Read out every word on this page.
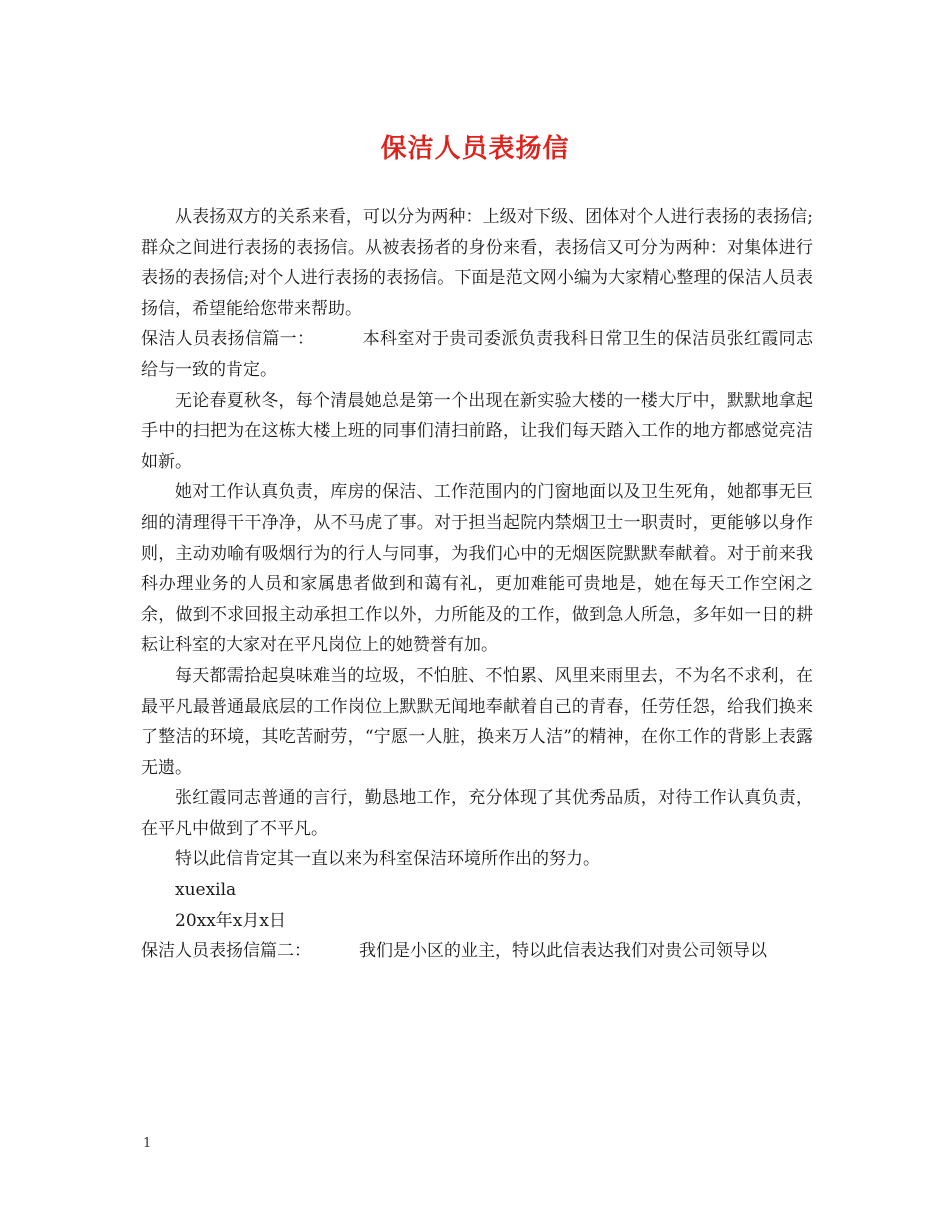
保洁人员表扬信

从表扬双方的关系来看，可以分为两种：上级对下级、团体对个人进行表扬的表扬信;群众之间进行表扬的表扬信。从被表扬者的身份来看，表扬信又可分为两种：对集体进行表扬的表扬信;对个人进行表扬的表扬信。下面是范文网小编为大家精心整理的保洁人员表扬信，希望能给您带来帮助。

保洁人员表扬信篇一：	本科室对于贵司委派负责我科日常卫生的保洁员张红霞同志给与一致的肯定。

无论春夏秋冬，每个清晨她总是第一个出现在新实验大楼的一楼大厅中，默默地拿起手中的扫把为在这栋大楼上班的同事们清扫前路，让我们每天踏入工作的地方都感觉亮洁如新。

她对工作认真负责，库房的保洁、工作范围内的门窗地面以及卫生死角，她都事无巨细的清理得干干净净，从不马虎了事。对于担当起院内禁烟卫士一职责时，更能够以身作则，主动劝喻有吸烟行为的行人与同事，为我们心中的无烟医院默默奉献着。对于前来我科办理业务的人员和家属患者做到和蔼有礼，更加难能可贵地是，她在每天工作空闲之余，做到不求回报主动承担工作以外，力所能及的工作，做到急人所急，多年如一日的耕耘让科室的大家对在平凡岗位上的她赞誉有加。

每天都需拾起臭味难当的垃圾，不怕脏、不怕累、风里来雨里去，不为名不求利，在最平凡最普通最底层的工作岗位上默默无闻地奉献着自己的青春，任劳任怨，给我们换来了整洁的环境，其吃苦耐劳，“宁愿一人脏，换来万人洁”的精神，在你工作的背影上表露无遗。

张红霞同志普通的言行，勤恳地工作，充分体现了其优秀品质，对待工作认真负责，在平凡中做到了不平凡。

特以此信肯定其一直以来为科室保洁环境所作出的努力。

xuexila

20xx年x月x日

保洁人员表扬信篇二：	我们是小区的业主，特以此信表达我们对贵公司领导以

1
